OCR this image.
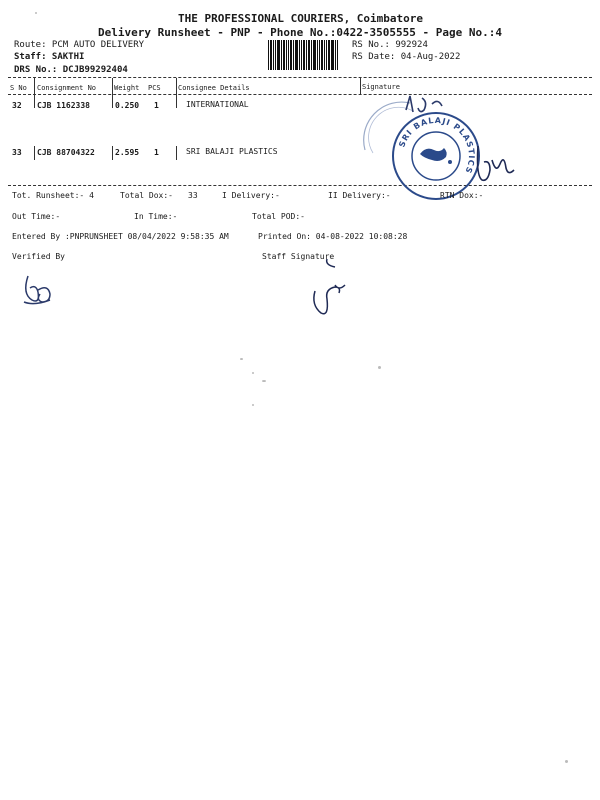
THE PROFESSIONAL COURIERS, Coimbatore
Delivery Runsheet - PNP - Phone No.:0422-3505555 - Page No.:4
Route: PCM AUTO DELIVERY
Staff: SAKTHI
DRS No.: DCJB99292404
RS No.: 992924
RS Date: 04-Aug-2022
S No Consignment No	Weight PCS Consignee Details	Signature
32 CJB 1162338	0.250 1	INTERNATIONAL
33 CJB 88704322	2.595 1	SRI BALAJI PLASTICS
SRI BALAJI PLASTICS
Tot. Runsheet:- 4	Total Dox:- 33	I Delivery:-	II Delivery:-	RTN Dox:-
Out Time:-	In Time:-	Total POD:-
Entered By :PNPRUNSHEET 08/04/2022 9:58:35 AM	Printed On: 04-08-2022 10:08:28
Verified By	Staff Signature
